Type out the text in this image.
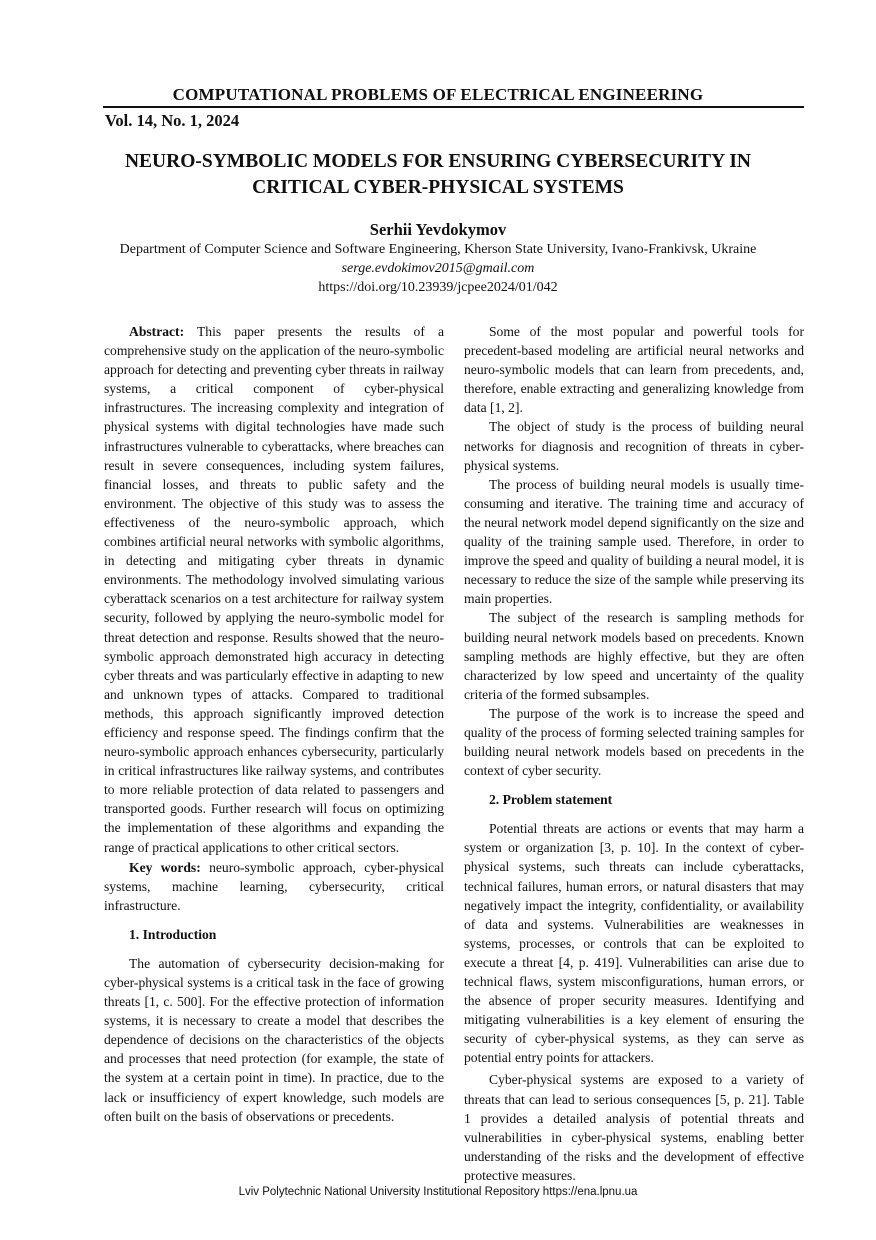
COMPUTATIONAL PROBLEMS OF ELECTRICAL ENGINEERING
Vol. 14, No. 1, 2024
NEURO-SYMBOLIC MODELS FOR ENSURING CYBERSECURITY IN CRITICAL CYBER-PHYSICAL SYSTEMS
Serhii Yevdokymov
Department of Computer Science and Software Engineering, Kherson State University, Ivano-Frankivsk, Ukraine
serge.evdokimov2015@gmail.com
https://doi.org/10.23939/jcpee2024/01/042

Abstract: This paper presents the results of a comprehensive study on the application of the neuro-symbolic approach for detecting and preventing cyber threats in railway systems, a critical component of cyber-physical infrastructures. The increasing complexity and integration of physical systems with digital technologies have made such infrastructures vulnerable to cyberattacks, where breaches can result in severe consequences, including system failures, financial losses, and threats to public safety and the environment. The objective of this study was to assess the effectiveness of the neuro-symbolic approach, which combines artificial neural networks with symbolic algorithms, in detecting and mitigating cyber threats in dynamic environments. The methodology involved simulating various cyberattack scenarios on a test architecture for railway system security, followed by applying the neuro-symbolic model for threat detection and response. Results showed that the neuro-symbolic approach demonstrated high accuracy in detecting cyber threats and was particularly effective in adapting to new and unknown types of attacks. Compared to traditional methods, this approach significantly improved detection efficiency and response speed. The findings confirm that the neuro-symbolic approach enhances cybersecurity, particularly in critical infrastructures like railway systems, and contributes to more reliable protection of data related to passengers and transported goods. Further research will focus on optimizing the implementation of these algorithms and expanding the range of practical applications to other critical sectors.

Key words: neuro-symbolic approach, cyber-physical systems, machine learning, cybersecurity, critical infrastructure.

1. Introduction

The automation of cybersecurity decision-making for cyber-physical systems is a critical task in the face of growing threats [1, c. 500]. For the effective protection of information systems, it is necessary to create a model that describes the dependence of decisions on the characteristics of the objects and processes that need protection (for example, the state of the system at a certain point in time). In practice, due to the lack or insufficiency of expert knowledge, such models are often built on the basis of observations or precedents.

Some of the most popular and powerful tools for precedent-based modeling are artificial neural networks and neuro-symbolic models that can learn from precedents, and, therefore, enable extracting and generalizing knowledge from data [1, 2].

The object of study is the process of building neural networks for diagnosis and recognition of threats in cyber-physical systems.

The process of building neural models is usually time-consuming and iterative. The training time and accuracy of the neural network model depend significantly on the size and quality of the training sample used. Therefore, in order to improve the speed and quality of building a neural model, it is necessary to reduce the size of the sample while preserving its main properties.

The subject of the research is sampling methods for building neural network models based on precedents. Known sampling methods are highly effective, but they are often characterized by low speed and uncertainty of the quality criteria of the formed subsamples.

The purpose of the work is to increase the speed and quality of the process of forming selected training samples for building neural network models based on precedents in the context of cyber security.

2. Problem statement

Potential threats are actions or events that may harm a system or organization [3, p. 10]. In the context of cyber-physical systems, such threats can include cyberattacks, technical failures, human errors, or natural disasters that may negatively impact the integrity, confidentiality, or availability of data and systems. Vulnerabilities are weaknesses in systems, processes, or controls that can be exploited to execute a threat [4, p. 419]. Vulnerabilities can arise due to technical flaws, system misconfigurations, human errors, or the absence of proper security measures. Identifying and mitigating vulnerabilities is a key element of ensuring the security of cyber-physical systems, as they can serve as potential entry points for attackers.

Cyber-physical systems are exposed to a variety of threats that can lead to serious consequences [5, p. 21]. Table 1 provides a detailed analysis of potential threats and vulnerabilities in cyber-physical systems, enabling better understanding of the risks and the development of effective protective measures.

Lviv Polytechnic National University Institutional Repository https://ena.lpnu.ua
